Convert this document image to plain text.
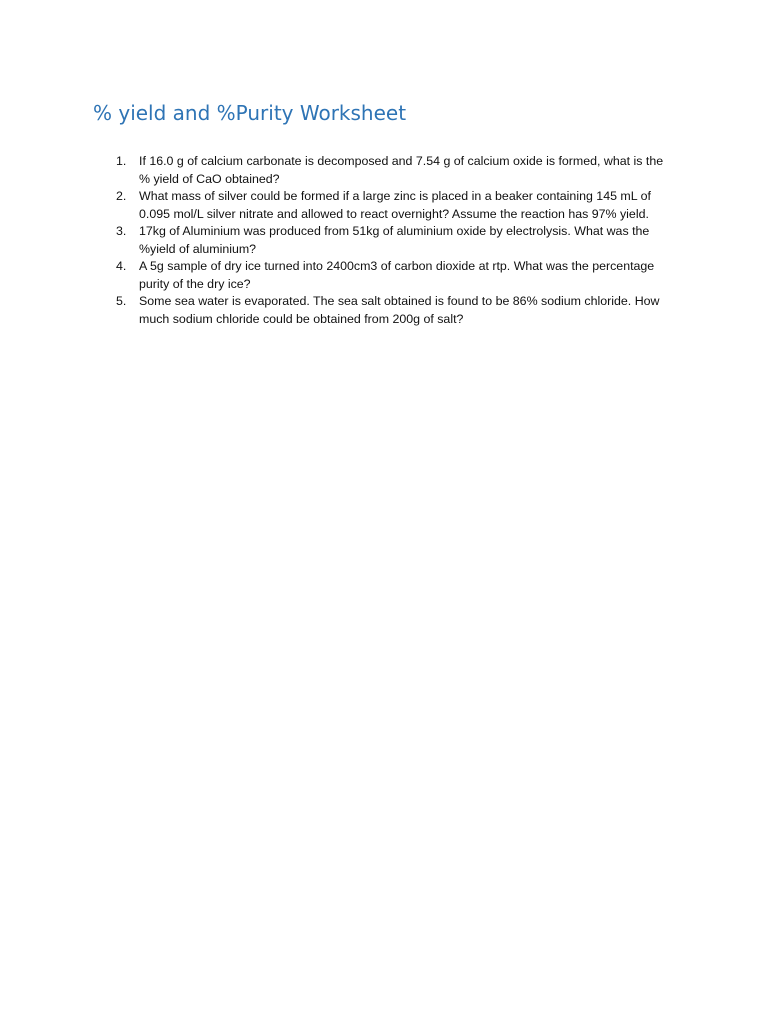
% yield and %Purity Worksheet
1.	If 16.0 g of calcium carbonate is decomposed and 7.54 g of calcium oxide is formed, what is the % yield of CaO obtained?
2.	What mass of silver could be formed if a large zinc is placed in a beaker containing 145 mL of 0.095 mol/L silver nitrate and allowed to react overnight? Assume the reaction has 97% yield.
3.	17kg of Aluminium was produced from 51kg of aluminium oxide by electrolysis. What was the %yield of aluminium?
4.	A 5g sample of dry ice turned into 2400cm3 of carbon dioxide at rtp. What was the percentage purity of the dry ice?
5.	Some sea water is evaporated. The sea salt obtained is found to be 86% sodium chloride. How much sodium chloride could be obtained from 200g of salt?
